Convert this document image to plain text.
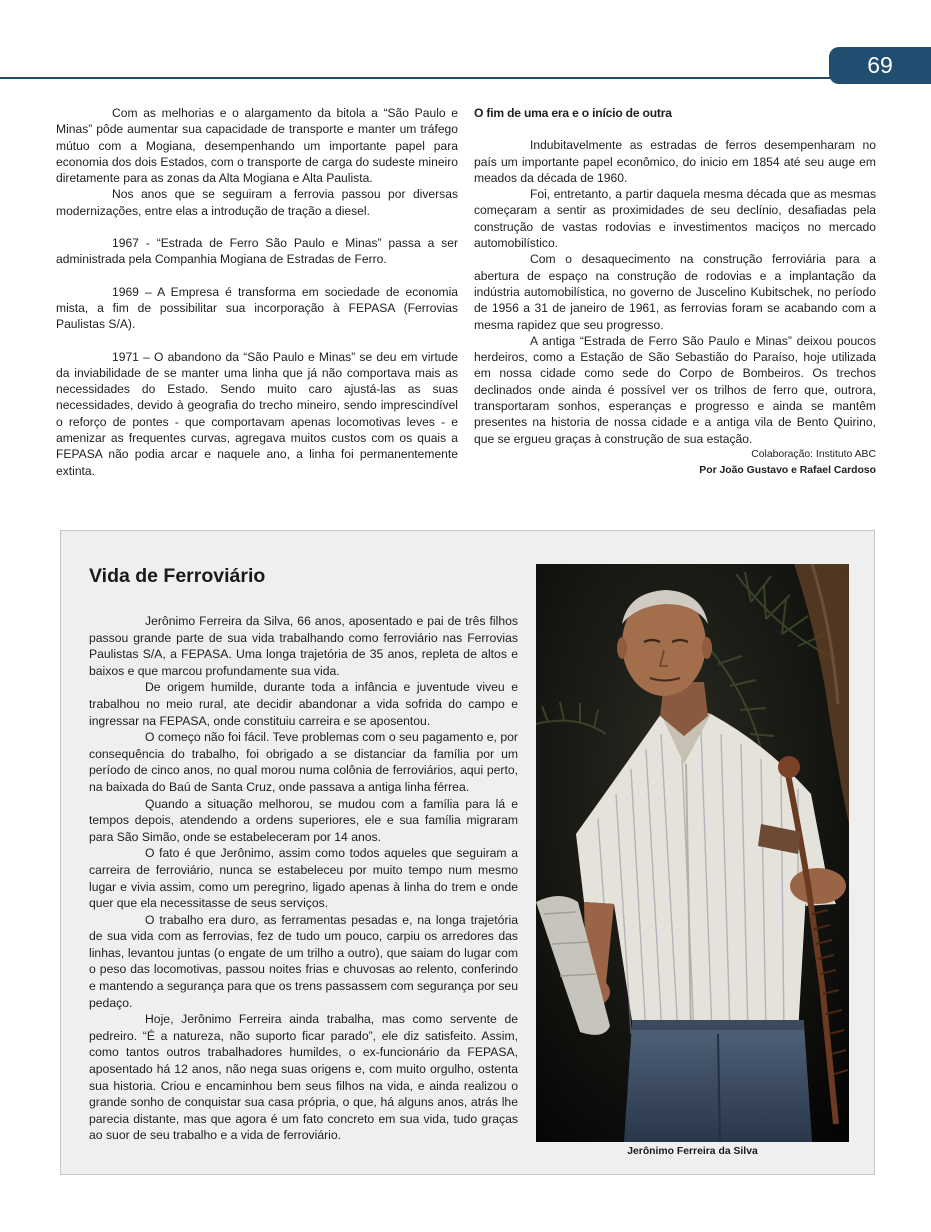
69

Com as melhorias e o alargamento da bitola a “São Paulo e Minas” pôde aumentar sua capacidade de transporte e manter um tráfego mútuo com a Mogiana, desempenhando um importante papel para economia dos dois Estados, com o transporte de carga do sudeste mineiro diretamente para as zonas da Alta Mogiana e Alta Paulista.

Nos anos que se seguiram a ferrovia passou por diversas modernizações, entre elas a introdução de tração a diesel.

1967 - “Estrada de Ferro São Paulo e Minas” passa a ser administrada pela Companhia Mogiana de Estradas de Ferro.

1969 – A Empresa é transforma em sociedade de economia mista, a fim de possibilitar sua incorporação à FEPASA (Ferrovias Paulistas S/A).

1971 – O abandono da “São Paulo e Minas” se deu em virtude da inviabilidade de se manter uma linha que já não comportava mais as necessidades do Estado. Sendo muito caro ajustá-las as suas necessidades, devido à geografia do trecho mineiro, sendo imprescindível o reforço de pontes - que comportavam apenas locomotivas leves - e amenizar as frequentes curvas, agregava muitos custos com os quais a FEPASA não podia arcar e naquele ano, a linha foi permanentemente extinta.

O fim de uma era e o início de outra

Indubitavelmente as estradas de ferros desempenharam no país um importante papel econômico, do inicio em 1854 até seu auge em meados da década de 1960.

Foi, entretanto, a partir daquela mesma década que as mesmas começaram a sentir as proximidades de seu declínio, desafiadas pela construção de vastas rodovias e investimentos maciços no mercado automobilístico.

Com o desaquecimento na construção ferroviária para a abertura de espaço na construção de rodovias e a implantação da indústria automobilística, no governo de Juscelino Kubitschek, no período de 1956 a 31 de janeiro de 1961, as ferrovias foram se acabando com a mesma rapidez que seu progresso.

A antiga “Estrada de Ferro São Paulo e Minas” deixou poucos herdeiros, como a Estação de São Sebastião do Paraíso, hoje utilizada em nossa cidade como sede do Corpo de Bombeiros. Os trechos declinados onde ainda é possível ver os trilhos de ferro que, outrora, transportaram sonhos, esperanças e progresso e ainda se mantêm presentes na historia de nossa cidade e a antiga vila de Bento Quirino, que se ergueu graças à construção de sua estação.

Colaboração: Instituto ABC

Por João Gustavo e Rafael Cardoso

Vida de Ferroviário

Jerônimo Ferreira da Silva, 66 anos, aposentado e pai de três filhos passou grande parte de sua vida trabalhando como ferroviário nas Ferrovias Paulistas S/A, a FEPASA. Uma longa trajetória de 35 anos, repleta de altos e baixos e que marcou profundamente sua vida.

De origem humilde, durante toda a infância e juventude viveu e trabalhou no meio rural, ate decidir abandonar a vida sofrida do campo e ingressar na FEPASA, onde constituiu carreira e se aposentou.

O começo não foi fácil. Teve problemas com o seu pagamento e, por consequência do trabalho, foi obrigado a se distanciar da família por um período de cinco anos, no qual morou numa colônia de ferroviários, aqui perto, na baixada do Baú de Santa Cruz, onde passava a antiga linha férrea.

Quando a situação melhorou, se mudou com a família para lá e tempos depois, atendendo a ordens superiores, ele e sua família migraram para São Simão, onde se estabeleceram por 14 anos.

O fato é que Jerônimo, assim como todos aqueles que seguiram a carreira de ferroviário, nunca se estabeleceu por muito tempo num mesmo lugar e vivia assim, como um peregrino, ligado apenas à linha do trem e onde quer que ela necessitasse de seus serviços.

O trabalho era duro, as ferramentas pesadas e, na longa trajetória de sua vida com as ferrovias, fez de tudo um pouco, carpiu os arredores das linhas, levantou juntas (o engate de um trilho a outro), que saiam do lugar com o peso das locomotivas, passou noites frias e chuvosas ao relento, conferindo e mantendo a segurança para que os trens passassem com segurança por seu pedaço.

Hoje, Jerônimo Ferreira ainda trabalha, mas como servente de pedreiro. “É a natureza, não suporto ficar parado”, ele diz satisfeito. Assim, como tantos outros trabalhadores humildes, o ex-funcionário da FEPASA, aposentado há 12 anos, não nega suas origens e, com muito orgulho, ostenta sua historia. Criou e encaminhou bem seus filhos na vida, e ainda realizou o grande sonho de conquistar sua casa própria, o que, há alguns anos, atrás lhe parecia distante, mas que agora é um fato concreto em sua vida, tudo graças ao suor de seu trabalho e a vida de ferroviário.

Jerônimo Ferreira da Silva
